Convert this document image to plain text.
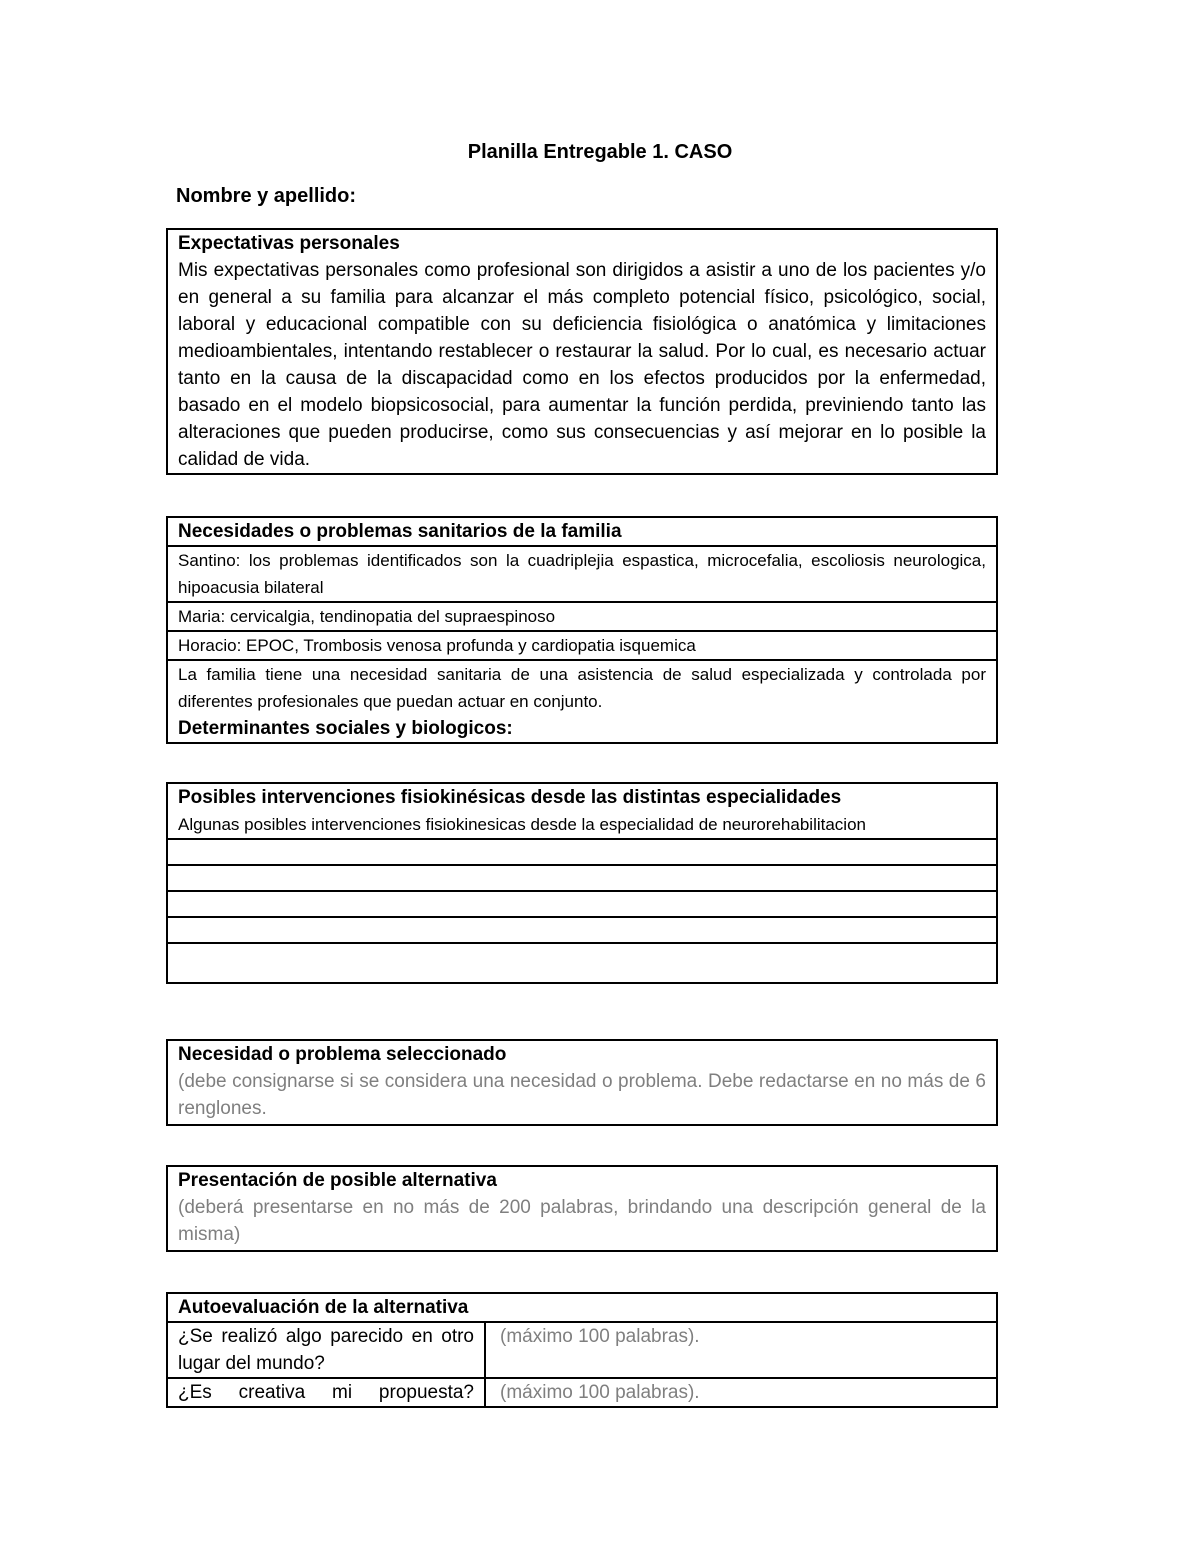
Planilla Entregable 1. CASO
Nombre y apellido:
Expectativas personales
Mis expectativas personales como profesional son dirigidos a asistir a uno de los pacientes y/o en general a su familia para alcanzar el más completo potencial físico, psicológico, social, laboral y educacional compatible con su deficiencia fisiológica o anatómica y limitaciones medioambientales, intentando restablecer o restaurar la salud. Por lo cual, es necesario actuar tanto en la causa de la discapacidad como en los efectos producidos por la enfermedad, basado en el modelo biopsicosocial, para aumentar la función perdida, previniendo tanto las alteraciones que pueden producirse, como sus consecuencias y así mejorar en lo posible la calidad de vida.
Necesidades o problemas sanitarios de la familia
Santino: los problemas identificados son la cuadriplejia espastica, microcefalia, escoliosis neurologica, hipoacusia bilateral
Maria: cervicalgia, tendinopatia del supraespinoso
Horacio: EPOC, Trombosis venosa profunda y cardiopatia isquemica
La familia tiene una necesidad sanitaria de una asistencia de salud especializada y controlada por diferentes profesionales que puedan actuar en conjunto.
Determinantes sociales y biologicos:
Posibles intervenciones fisiokinésicas desde las distintas especialidades
Algunas posibles intervenciones fisiokinesicas desde la especialidad de neurorehabilitacion
Necesidad o problema seleccionado
(debe consignarse si se considera una necesidad o problema. Debe redactarse en no más de 6 renglones.
Presentación de posible alternativa
(deberá presentarse en no más de 200 palabras, brindando una descripción general de la misma)
Autoevaluación de la alternativa
¿Se realizó algo parecido en otro lugar del mundo?
(máximo 100 palabras).
¿Es creativa mi propuesta?	(máximo 100 palabras).
